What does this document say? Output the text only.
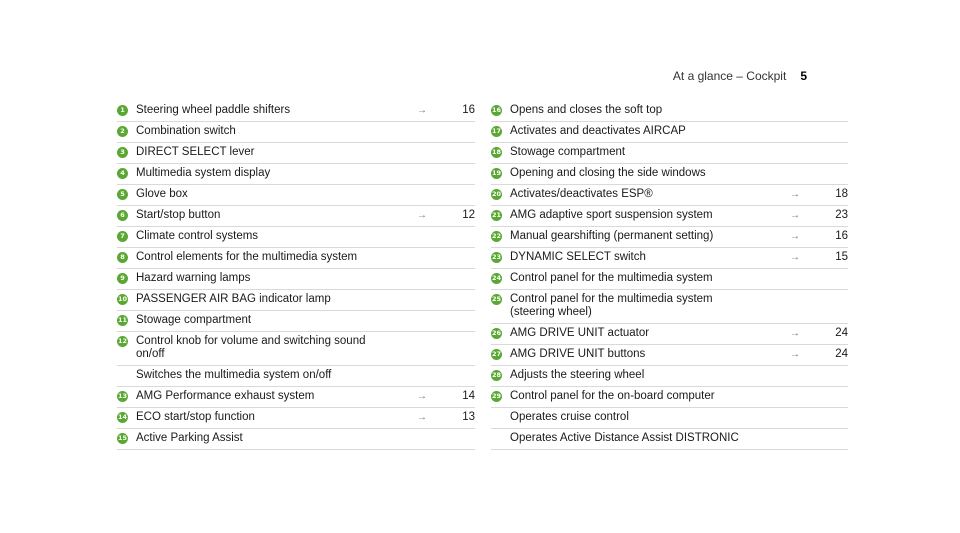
At a glance – Cockpit 5
1 Steering wheel paddle shifters	→	16
2 Combination switch
3 DIRECT SELECT lever
4 Multimedia system display
5 Glove box
6 Start/stop button	→	12
7 Climate control systems
8 Control elements for the multimedia system
9 Hazard warning lamps
10 PASSENGER AIR BAG indicator lamp
11 Stowage compartment
12 Control knob for volume and switching sound
on/off
Switches the multimedia system on/off
13 AMG Performance exhaust system	→	14
14 ECO start/stop function	→	13
15 Active Parking Assist
16 Opens and closes the soft top
17 Activates and deactivates AIRCAP
18 Stowage compartment
19 Opening and closing the side windows
20 Activates/deactivates ESP®	→	18
21 AMG adaptive sport suspension system	→	23
22 Manual gearshifting (permanent setting)	→	16
23 DYNAMIC SELECT switch	→	15
24 Control panel for the multimedia system
25 Control panel for the multimedia system
(steering wheel)
26 AMG DRIVE UNIT actuator	→	24
27 AMG DRIVE UNIT buttons	→	24
28 Adjusts the steering wheel
29 Control panel for the on-board computer
Operates cruise control
Operates Active Distance Assist DISTRONIC
